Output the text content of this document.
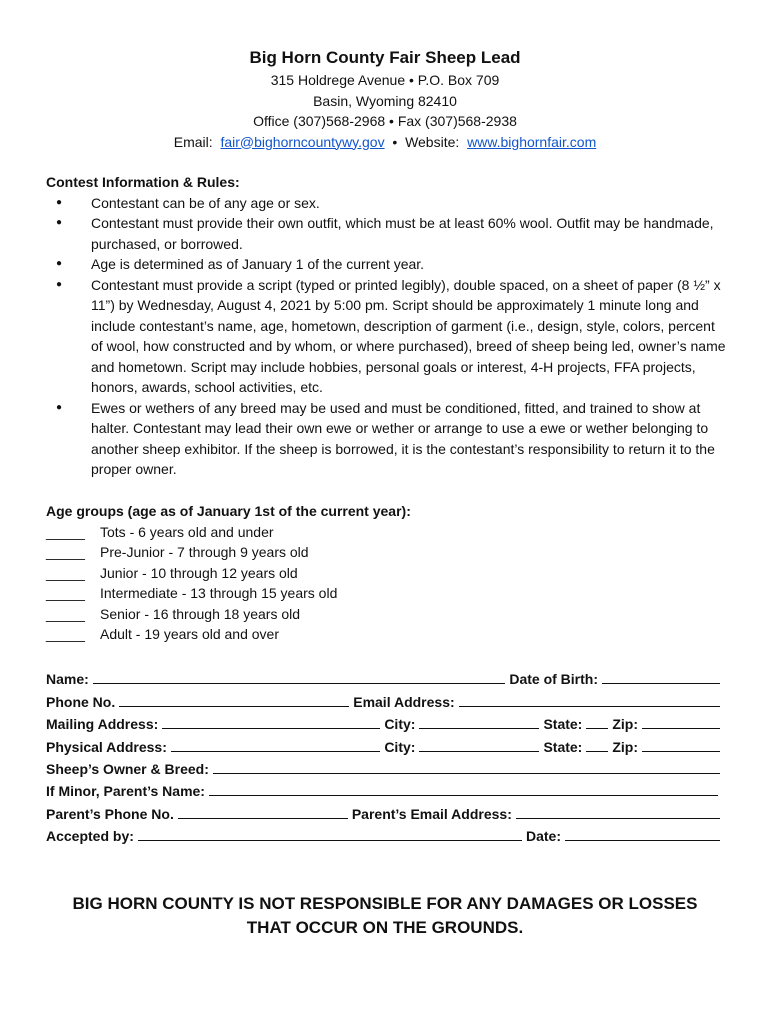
Big Horn County Fair Sheep Lead
315 Holdrege Avenue • P.O. Box 709
Basin, Wyoming 82410
Office (307)568-2968 • Fax (307)568-2938
Email: fair@bighorncountywy.gov • Website: www.bighornfair.com
Contest Information & Rules:
● Contestant can be of any age or sex.
● Contestant must provide their own outfit, which must be at least 60% wool. Outfit may be handmade, purchased, or borrowed.
● Age is determined as of January 1 of the current year.
● Contestant must provide a script (typed or printed legibly), double spaced, on a sheet of paper (8 ½” x 11”) by Wednesday, August 4, 2021 by 5:00 pm. Script should be approximately 1 minute long and include contestant’s name, age, hometown, description of garment (i.e., design, style, colors, percent of wool, how constructed and by whom, or where purchased), breed of sheep being led, owner’s name and hometown. Script may include hobbies, personal goals or interest, 4-H projects, FFA projects, honors, awards, school activities, etc.
● Ewes or wethers of any breed may be used and must be conditioned, fitted, and trained to show at halter. Contestant may lead their own ewe or wether or arrange to use a ewe or wether belonging to another sheep exhibitor. If the sheep is borrowed, it is the contestant’s responsibility to return it to the proper owner.
Age groups (age as of January 1st of the current year):
_____	Tots - 6 years old and under
_____	Pre-Junior - 7 through 9 years old
_____	Junior - 10 through 12 years old
_____	Intermediate - 13 through 15 years old
_____	Senior - 16 through 18 years old
_____	Adult - 19 years old and over
Name:	Date of Birth:
Phone No.	Email Address:
Mailing Address:	City:	State: Zip:
Physical Address:	City:	State: Zip:
Sheep’s Owner & Breed:
If Minor, Parent’s Name:
Parent’s Phone No.	Parent’s Email Address:
Accepted by:	Date:
BIG HORN COUNTY IS NOT RESPONSIBLE FOR ANY DAMAGES OR LOSSES
THAT OCCUR ON THE GROUNDS.
